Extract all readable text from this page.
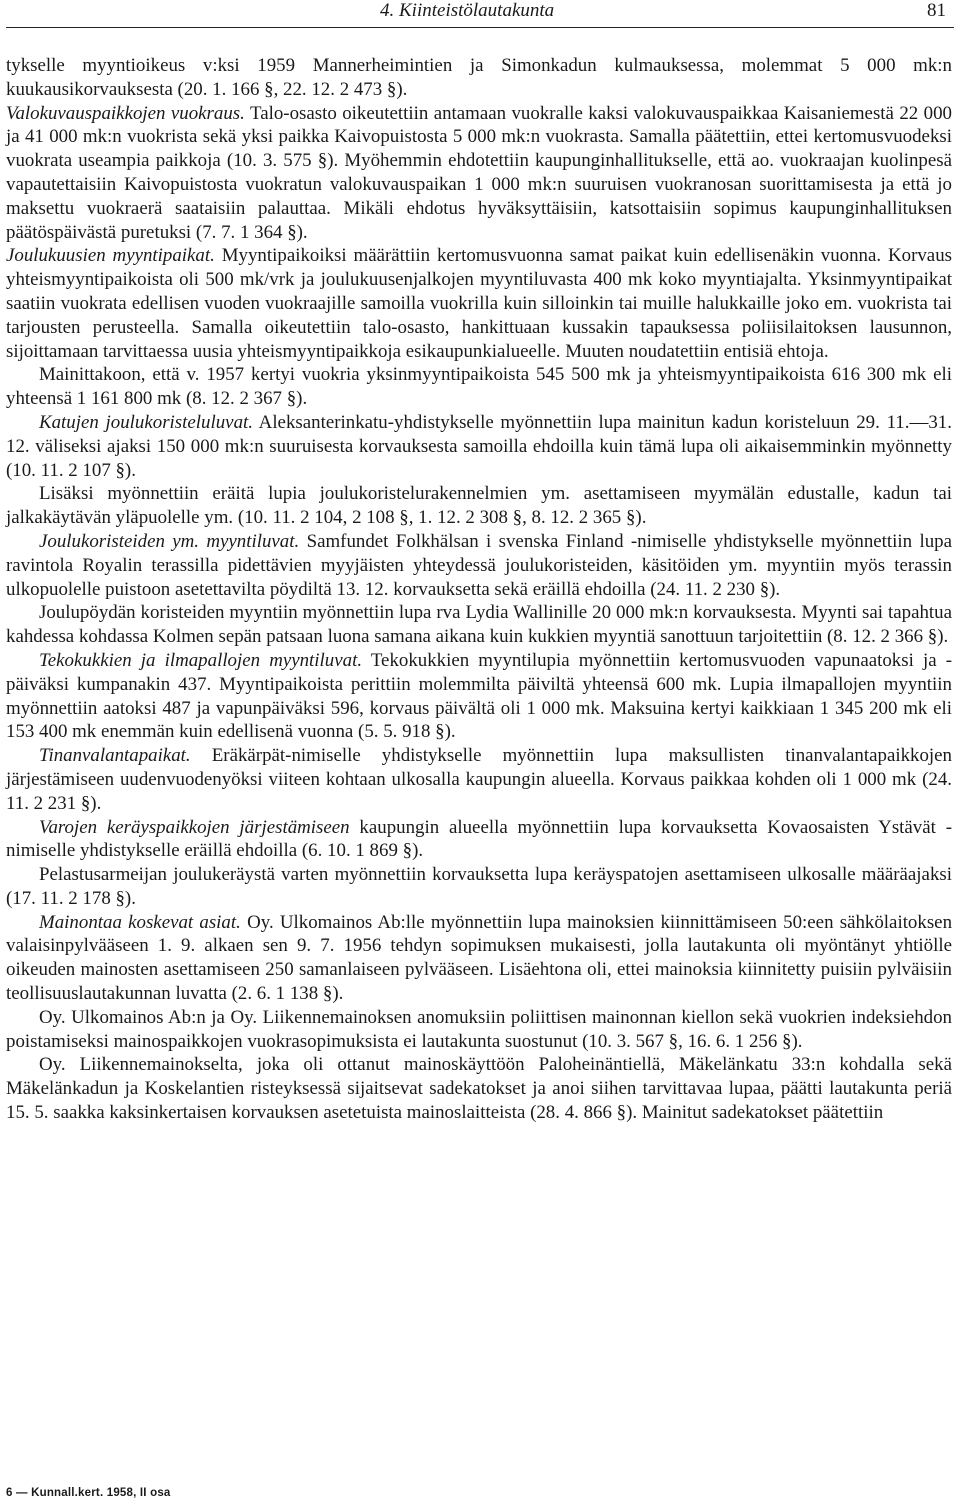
4. Kiinteistölautakunta	81

tykselle myyntioikeus v:ksi 1959 Mannerheimintien ja Simonkadun kulmauksessa, molemmat 5 000 mk:n kuukausikorvauksesta (20. 1. 166 §, 22. 12. 2 473 §).

Valokuvauspaikkojen vuokraus. Talo-osasto oikeutettiin antamaan vuokralle kaksi valokuvauspaikkaa Kaisaniemestä 22 000 ja 41 000 mk:n vuokrista sekä yksi paikka Kaivopuistosta 5 000 mk:n vuokrasta. Samalla päätettiin, ettei kertomusvuodeksi vuokrata useampia paikkoja (10. 3. 575 §). Myöhemmin ehdotettiin kaupunginhallitukselle, että ao. vuokraajan kuolinpesä vapautettaisiin Kaivopuistosta vuokratun valokuvauspaikan 1 000 mk:n suuruisen vuokranosan suorittamisesta ja että jo maksettu vuokraerä saataisiin palauttaa. Mikäli ehdotus hyväksyttäisiin, katsottaisiin sopimus kaupunginhallituksen päätöspäivästä puretuksi (7. 7. 1 364 §).

Joulukuusien myyntipaikat. Myyntipaikoiksi määrättiin kertomusvuonna samat paikat kuin edellisenäkin vuonna. Korvaus yhteismyyntipaikoista oli 500 mk/vrk ja joulukuusenjalkojen myyntiluvasta 400 mk koko myyntiajalta. Yksinmyyntipaikat saatiin vuokrata edellisen vuoden vuokraajille samoilla vuokrilla kuin silloinkin tai muille halukkaille joko em. vuokrista tai tarjousten perusteella. Samalla oikeutettiin talo-osasto, hankittuaan kussakin tapauksessa poliisilaitoksen lausunnon, sijoittamaan tarvittaessa uusia yhteismyyntipaikkoja esikaupunkialueelle. Muuten noudatettiin entisiä ehtoja.

Mainittakoon, että v. 1957 kertyi vuokria yksinmyyntipaikoista 545 500 mk ja yhteismyyntipaikoista 616 300 mk eli yhteensä 1 161 800 mk (8. 12. 2 367 §).

Katujen joulukoristeluluvat. Aleksanterinkatu-yhdistykselle myönnettiin lupa mainitun kadun koristeluun 29. 11.—31. 12. väliseksi ajaksi 150 000 mk:n suuruisesta korvauksesta samoilla ehdoilla kuin tämä lupa oli aikaisemminkin myönnetty (10. 11. 2 107 §).

Lisäksi myönnettiin eräitä lupia joulukoristelurakennelmien ym. asettamiseen myymälän edustalle, kadun tai jalkakäytävän yläpuolelle ym. (10. 11. 2 104, 2 108 §, 1. 12. 2 308 §, 8. 12. 2 365 §).

Joulukoristeiden ym. myyntiluvat. Samfundet Folkhälsan i svenska Finland -nimiselle yhdistykselle myönnettiin lupa ravintola Royalin terassilla pidettävien myyjäisten yhteydessä joulukoristeiden, käsitöiden ym. myyntiin myös terassin ulkopuolelle puistoon asetettavilta pöydiltä 13. 12. korvauksetta sekä eräillä ehdoilla (24. 11. 2 230 §).

Joulupöydän koristeiden myyntiin myönnettiin lupa rva Lydia Wallinille 20 000 mk:n korvauksesta. Myynti sai tapahtua kahdessa kohdassa Kolmen sepän patsaan luona samana aikana kuin kukkien myyntiä sanottuun tarjoitettiin (8. 12. 2 366 §).

Tekokukkien ja ilmapallojen myyntiluvat. Tekokukkien myyntilupia myönnettiin kertomusvuoden vapunaatoksi ja -päiväksi kumpanakin 437. Myyntipaikoista perittiin molemmilta päiviltä yhteensä 600 mk. Lupia ilmapallojen myyntiin myönnettiin aatoksi 487 ja vapunpäiväksi 596, korvaus päivältä oli 1 000 mk. Maksuina kertyi kaikkiaan 1 345 200 mk eli 153 400 mk enemmän kuin edellisenä vuonna (5. 5. 918 §).

Tinanvalantapaikat. Eräkärpät-nimiselle yhdistykselle myönnettiin lupa maksullisten tinanvalantapaikkojen järjestämiseen uudenvuodenyöksi viiteen kohtaan ulkosalla kaupungin alueella. Korvaus paikkaa kohden oli 1 000 mk (24. 11. 2 231 §).

Varojen keräyspaikkojen järjestämiseen kaupungin alueella myönnettiin lupa korvauksetta Kovaosaisten Ystävät -nimiselle yhdistykselle eräillä ehdoilla (6. 10. 1 869 §).

Pelastusarmeijan joulukeräystä varten myönnettiin korvauksetta lupa keräyspatojen asettamiseen ulkosalle määräajaksi (17. 11. 2 178 §).

Mainontaa koskevat asiat. Oy. Ulkomainos Ab:lle myönnettiin lupa mainoksien kiinnittämiseen 50:een sähkölaitoksen valaisinpylvääseen 1. 9. alkaen sen 9. 7. 1956 tehdyn sopimuksen mukaisesti, jolla lautakunta oli myöntänyt yhtiölle oikeuden mainosten asettamiseen 250 samanlaiseen pylvääseen. Lisäehtona oli, ettei mainoksia kiinnitetty puisiin pylväisiin teollisuuslautakunnan luvatta (2. 6. 1 138 §).

Oy. Ulkomainos Ab:n ja Oy. Liikennemainoksen anomuksiin poliittisen mainonnan kiellon sekä vuokrien indeksiehdon poistamiseksi mainospaikkojen vuokrasopimuksista ei lautakunta suostunut (10. 3. 567 §, 16. 6. 1 256 §).

Oy. Liikennemainokselta, joka oli ottanut mainoskäyttöön Paloheinäntiellä, Mäkelänkatu 33:n kohdalla sekä Mäkelänkadun ja Koskelantien risteyksessä sijaitsevat sadekatokset ja anoi siihen tarvittavaa lupaa, päätti lautakunta periä 15. 5. saakka kaksinkertaisen korvauksen asetetuista mainoslaitteista (28. 4. 866 §). Mainitut sadekatokset päätettiin

6 — Kunnall.kert. 1958, II osa
